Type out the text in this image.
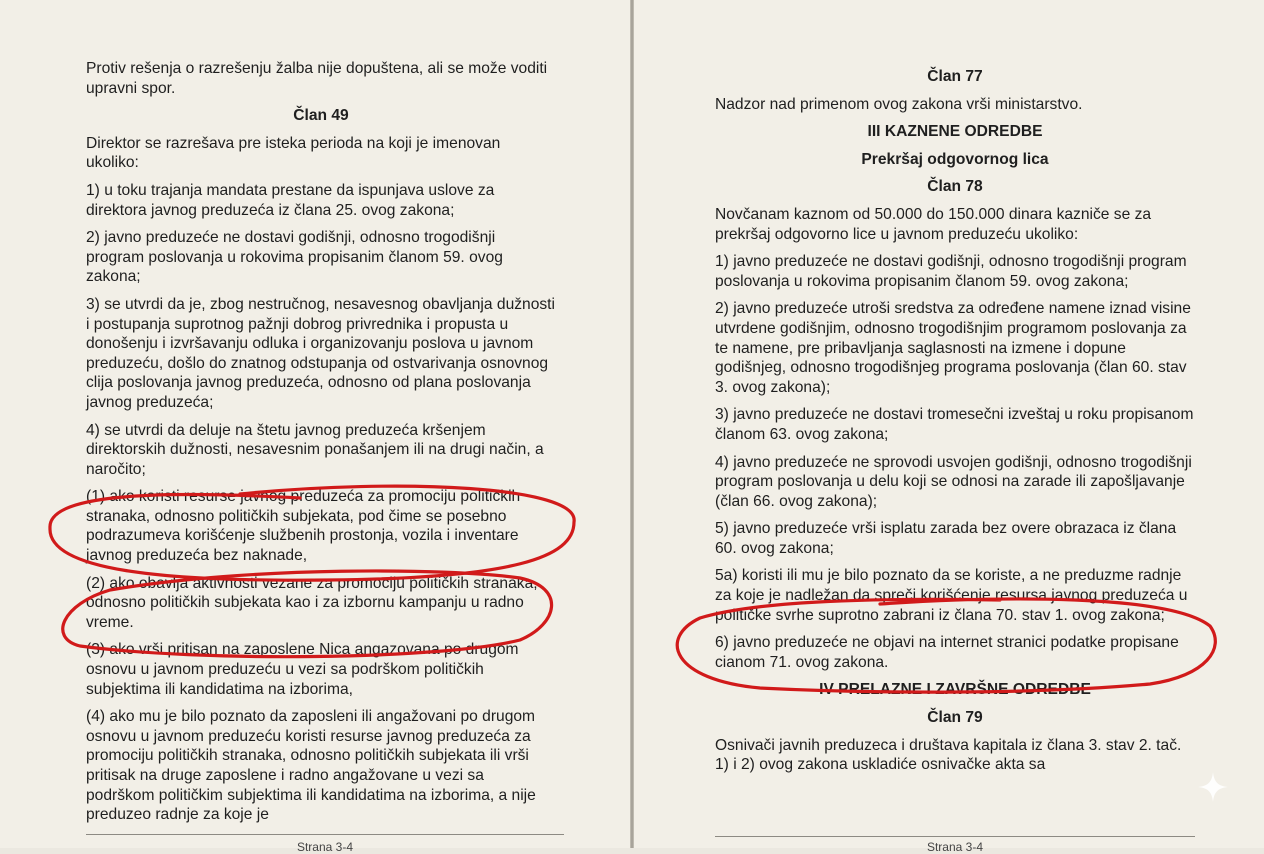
Protiv rešenja o razrešenju žalba nije dopuštena, ali se može voditi upravni spor.

Član 49

Direktor se razrešava pre isteka perioda na koji je imenovan ukoliko:

1) u toku trajanja mandata prestane da ispunjava uslove za direktora javnog preduzeća iz člana 25. ovog zakona;

2) javno preduzeće ne dostavi godišnji, odnosno trogodišnji program poslovanja u rokovima propisanim članom 59. ovog zakona;

3) se utvrdi da je, zbog nestručnog, nesavesnog obavljanja dužnosti i postupanja suprotnog pažnji dobrog privrednika i propusta u donošenju i izvršavanju odluka i organizovanju poslova u javnom preduzeću, došlo do znatnog odstupanja od ostvarivanja osnovnog clija poslovanja javnog preduzeća, odnosno od plana poslovanja javnog preduzeća;

4) se utvrdi da deluje na štetu javnog preduzeća kršenjem direktorskih dužnosti, nesavesnim ponašanjem ili na drugi način, a naročito;

(1) ako koristi resurse javnog preduzeća za promociju političkih stranaka, odnosno političkih subjekata, pod čime se posebno podrazumeva korišćenje službenih prostonja, vozila i inventare javnog preduzeća bez naknade,

(2) ako obavlja aktivnosti vezane za promociju političkih stranaka, odnosno političkih subjekata kao i za izbornu kampanju u radno vreme.

(3) ako vrši pritisan na zaposlene Nica angazovana po drugom osnovu u javnom preduzeću u vezi sa podrškom političkih subjektima ili kandidatima na izborima,

(4) ako mu je bilo poznato da zaposleni ili angažovani po drugom osnovu u javnom preduzeću koristi resurse javnog preduzeća za promociju političkih stranaka, odnosno političkih subjekata ili vrši pritisak na druge zaposlene i radno angažovane u vezi sa podrškom političkim subjektima ili kandidatima na izborima, a nije preduzeo radnje za koje je

Strana 3-4

Član 77

Nadzor nad primenom ovog zakona vrši ministarstvo.

III KAZNENE ODREDBE

Prekršaj odgovornog lica

Član 78

Novčanam kaznom od 50.000 do 150.000 dinara kazniče se za prekršaj odgovorno lice u javnom preduzeću ukoliko:

1) javno preduzeće ne dostavi godišnji, odnosno trogodišnji program poslovanja u rokovima propisanim članom 59. ovog zakona;

2) javno preduzeće utroši sredstva za određene namene iznad visine utvrdene godišnjim, odnosno trogodišnjim programom poslovanja za te namene, pre pribavljanja saglasnosti na izmene i dopune godišnjeg, odnosno trogodišnjeg programa poslovanja (član 60. stav 3. ovog zakona);

3) javno preduzeće ne dostavi tromesečni izveštaj u roku propisanom članom 63. ovog zakona;

4) javno preduzeće ne sprovodi usvojen godišnji, odnosno trogodišnji program poslovanja u delu koji se odnosi na zarade ili zapošljavanje (član 66. ovog zakona);

5) javno preduzeće vrši isplatu zarada bez overe obrazaca iz člana 60. ovog zakona;

5a) koristi ili mu je bilo poznato da se koriste, a ne preduzme radnje za koje je nadležan da spreči korišćenje resursa javnog preduzeća u političke svrhe suprotno zabrani iz člana 70. stav 1. ovog zakona;

6) javno preduzeće ne objavi na internet stranici podatke propisane cianom 71. ovog zakona.

IV PRELAZNE I ZAVRŠNE ODREDBE

Član 79

Osnivači javnih preduzeca i društava kapitala iz člana 3. stav 2. tač. 1) i 2) ovog zakona uskladiće osnivačke akta sa

Strana 3-4
